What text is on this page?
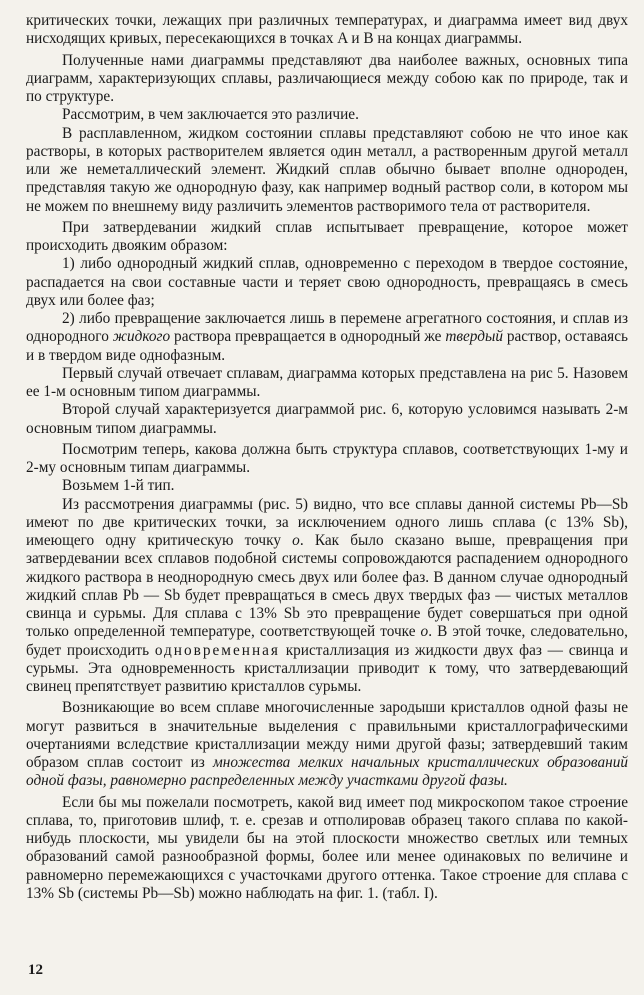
критических точки, лежащих при различных температурах, и диаграмма имеет вид двух нисходящих кривых, пересекающихся в точках A и B на концах диаграммы.

Полученные нами диаграммы представляют два наиболее важных, основных типа диаграмм, характеризующих сплавы, различающиеся между собою как по природе, так и по структуре.

Рассмотрим, в чем заключается это различие.

В расплавленном, жидком состоянии сплавы представляют собою не что иное как растворы, в которых растворителем является один металл, а растворенным другой металл или же неметаллический элемент. Жидкий сплав обычно бывает вполне однороден, представляя такую же однородную фазу, как например водный раствор соли, в котором мы не можем по внешнему виду различить элементов растворимого тела от растворителя.

При затвердевании жидкий сплав испытывает превращение, которое может происходить двояким образом:

1) либо однородный жидкий сплав, одновременно с переходом в твердое состояние, распадается на свои составные части и теряет свою однородность, превращаясь в смесь двух или более фаз;

2) либо превращение заключается лишь в перемене агрегатного состояния, и сплав из однородного жидкого раствора превращается в однородный же твердый раствор, оставаясь и в твердом виде однофазным.

Первый случай отвечает сплавам, диаграмма которых представлена на рис 5. Назовем ее 1-м основным типом диаграммы.

Второй случай характеризуется диаграммой рис. 6, которую условимся называть 2-м основным типом диаграммы.

Посмотрим теперь, какова должна быть структура сплавов, соответствующих 1-му и 2-му основным типам диаграммы.

Возьмем 1-й тип.

Из рассмотрения диаграммы (рис. 5) видно, что все сплавы данной системы Pb—Sb имеют по две критических точки, за исключением одного лишь сплава (с 13% Sb), имеющего одну критическую точку o. Как было сказано выше, превращения при затвердевании всех сплавов подобной системы сопровождаются распадением однородного жидкого раствора в неоднородную смесь двух или более фаз. В данном случае однородный жидкий сплав Pb — Sb будет превращаться в смесь двух твердых фаз — чистых металлов свинца и сурьмы. Для сплава с 13% Sb это превращение будет совершаться при одной только определенной температуре, соответствующей точке o. В этой точке, следовательно, будет происходить одновременная кристаллизация из жидкости двух фаз — свинца и сурьмы. Эта одновременность кристаллизации приводит к тому, что затвердевающий свинец препятствует развитию кристаллов сурьмы.

Возникающие во всем сплаве многочисленные зародыши кристаллов одной фазы не могут развиться в значительные выделения с правильными кристаллографическими очертаниями вследствие кристаллизации между ними другой фазы; затвердевший таким образом сплав состоит из множества мелких начальных кристаллических образований одной фазы, равномерно распределенных между участками другой фазы.

Если бы мы пожелали посмотреть, какой вид имеет под микроскопом такое строение сплава, то, приготовив шлиф, т. е. срезав и отполировав образец такого сплава по какой-нибудь плоскости, мы увидели бы на этой плоскости множество светлых или темных образований самой разнообразной формы, более или менее одинаковых по величине и равномерно перемежающихся с участочками другого оттенка. Такое строение для сплава с 13% Sb (системы Pb—Sb) можно наблюдать на фиг. 1. (табл. I).

12
